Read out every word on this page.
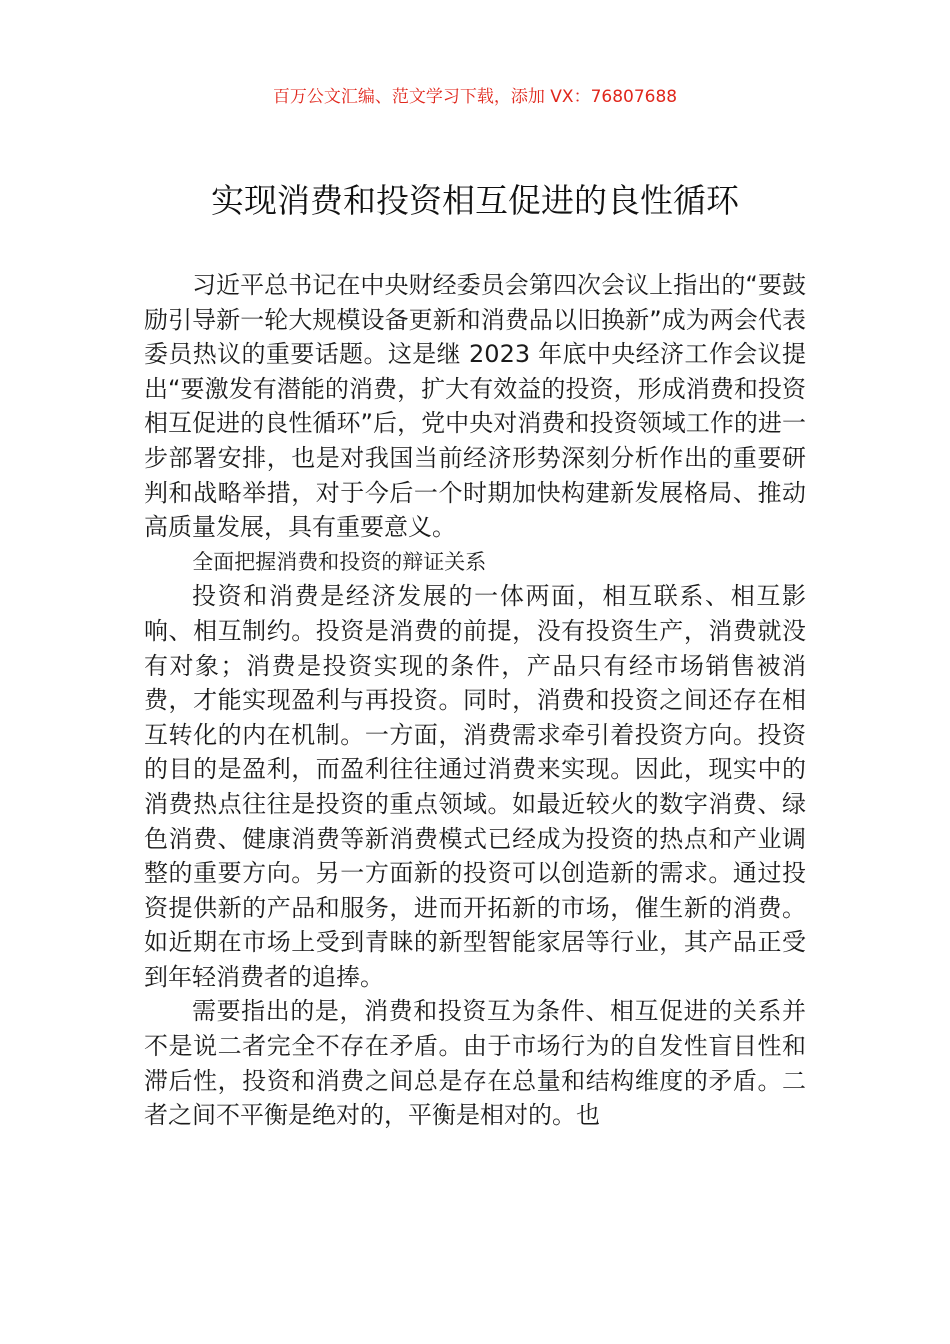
百万公文汇编、范文学习下载，添加 VX：76807688
实现消费和投资相互促进的良性循环

习近平总书记在中央财经委员会第四次会议上指出的“要鼓励引导新一轮大规模设备更新和消费品以旧换新”成为两会代表委员热议的重要话题。这是继 2023 年底中央经济工作会议提出“要激发有潜能的消费，扩大有效益的投资，形成消费和投资相互促进的良性循环”后，党中央对消费和投资领域工作的进一步部署安排，也是对我国当前经济形势深刻分析作出的重要研判和战略举措，对于今后一个时期加快构建新发展格局、推动高质量发展，具有重要意义。

全面把握消费和投资的辩证关系

投资和消费是经济发展的一体两面，相互联系、相互影响、相互制约。投资是消费的前提，没有投资生产，消费就没有对象；消费是投资实现的条件，产品只有经市场销售被消费，才能实现盈利与再投资。同时，消费和投资之间还存在相互转化的内在机制。一方面，消费需求牵引着投资方向。投资的目的是盈利，而盈利往往通过消费来实现。因此，现实中的消费热点往往是投资的重点领域。如最近较火的数字消费、绿色消费、健康消费等新消费模式已经成为投资的热点和产业调整的重要方向。另一方面新的投资可以创造新的需求。通过投资提供新的产品和服务，进而开拓新的市场，催生新的消费。如近期在市场上受到青睐的新型智能家居等行业，其产品正受到年轻消费者的追捧。

需要指出的是，消费和投资互为条件、相互促进的关系并不是说二者完全不存在矛盾。由于市场行为的自发性盲目性和滞后性，投资和消费之间总是存在总量和结构维度的矛盾。二者之间不平衡是绝对的，平衡是相对的。也
